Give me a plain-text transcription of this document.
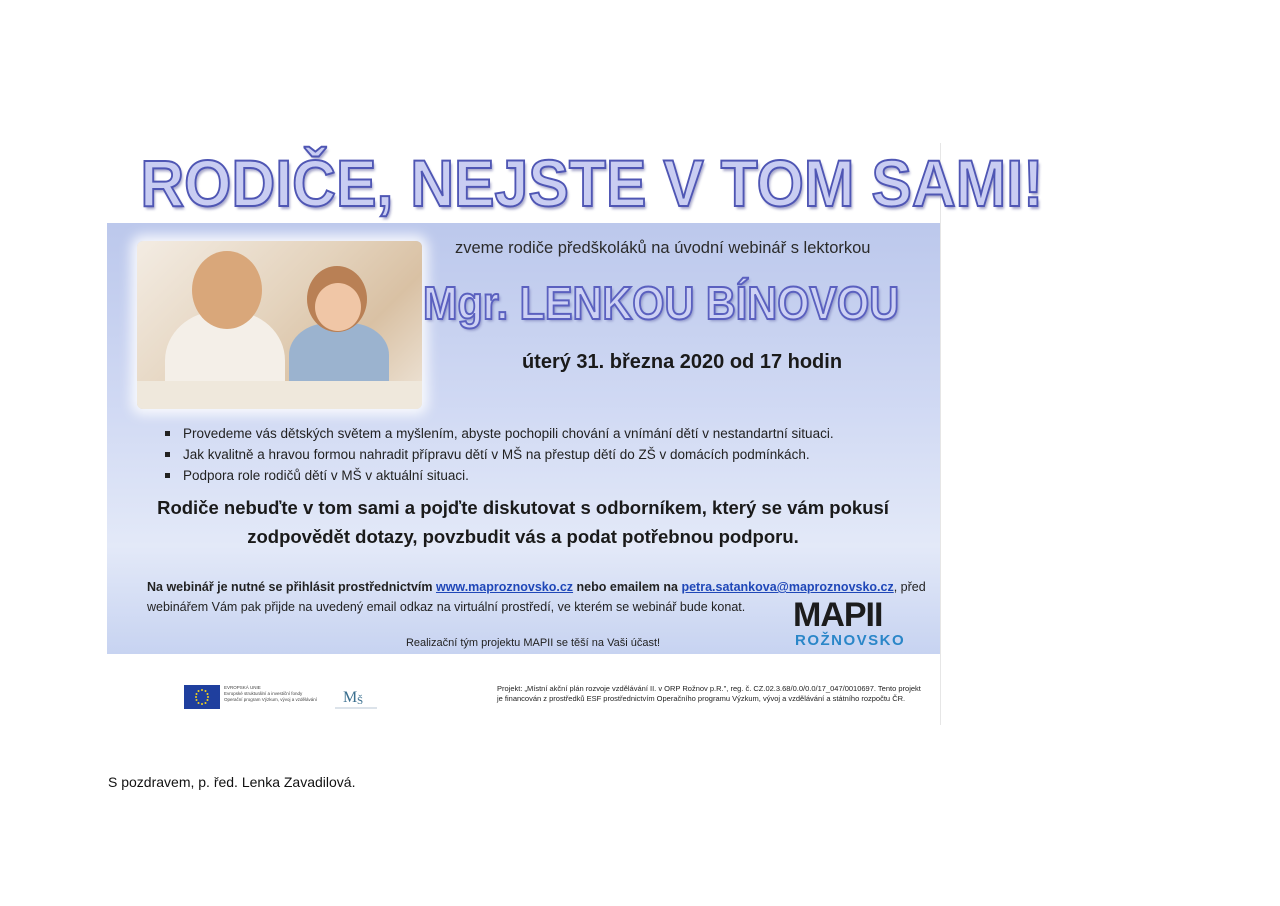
RODIČE, NEJSTE V TOM SAMI!
zveme rodiče předškoláků na úvodní webinář s lektorkou
Mgr. LENKOU BÍNOVOU
úterý 31. března 2020 od 17 hodin
Provedeme vás dětských světem a myšlením, abyste pochopili chování a vnímání dětí v nestandartní situaci.
Jak kvalitně a hravou formou nahradit přípravu dětí v MŠ na přestup dětí do ZŠ v domácích podmínkách.
Podpora role rodičů dětí v MŠ v aktuální situaci.
Rodiče nebuďte v tom sami a pojďte diskutovat s odborníkem, který se vám pokusí zodpovědět dotazy, povzbudit vás a podat potřebnou podporu.
Na webinář je nutné se přihlásit prostřednictvím www.maproznovsko.cz nebo emailem na petra.satankova@maproznovsko.cz, před webinářem Vám pak přijde na uvedený email odkaz na virtuální prostředí, ve kterém se webinář bude konat.
Realizační tým projektu MAPII se těší na Vaši účast!
MAPII
ROŽNOVSKO
EVROPSKÁ UNIE
Evropské strukturální a investiční fondy
Operační program Výzkum, vývoj a vzdělávání	M Š
Projekt: „Místní akční plán rozvoje vzdělávání II. v ORP Rožnov p.R.", reg. č. CZ.02.3.68/0.0/0.0/17_047/0010697. Tento projekt je financován z prostředků ESF prostřednictvím Operačního programu Výzkum, vývoj a vzdělávání a státního rozpočtu ČR.
S pozdravem, p. řed. Lenka Zavadilová.
